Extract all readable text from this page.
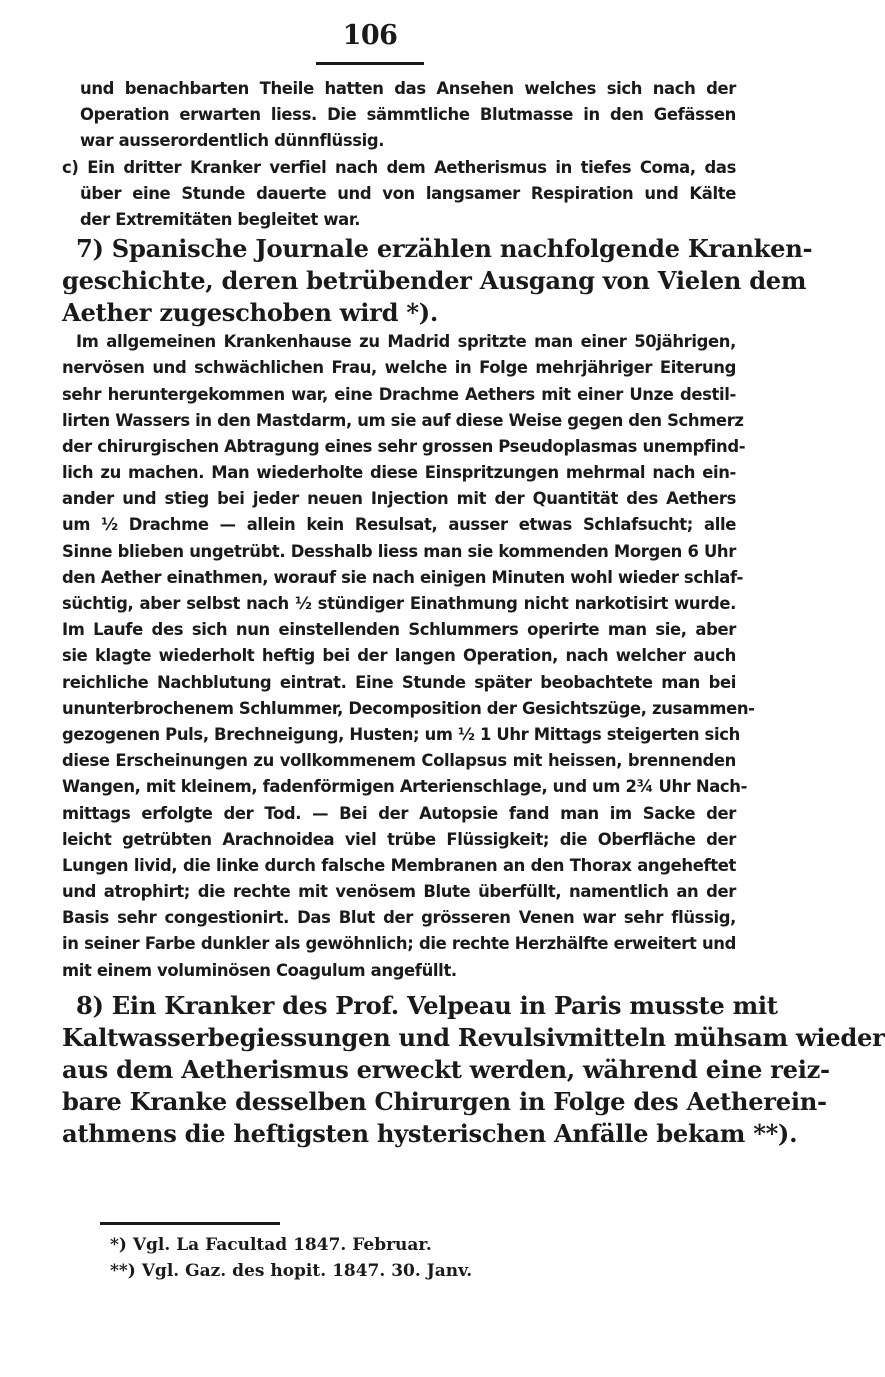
106
und benachbarten Theile hatten das Ansehen welches sich nach der
Operation erwarten liess. Die sämmtliche Blutmasse in den Gefässen
war ausserordentlich dünnflüssig.
c) Ein dritter Kranker verfiel nach dem Aetherismus in tiefes Coma, das
über eine Stunde dauerte und von langsamer Respiration und Kälte
der Extremitäten begleitet war.
7) Spanische Journale erzählen nachfolgende Kranken-
geschichte, deren betrübender Ausgang von Vielen dem
Aether zugeschoben wird *).
Im allgemeinen Krankenhause zu Madrid spritzte man einer 50jährigen,
nervösen und schwächlichen Frau, welche in Folge mehrjähriger Eiterung
sehr heruntergekommen war, eine Drachme Aethers mit einer Unze destil-
lirten Wassers in den Mastdarm, um sie auf diese Weise gegen den Schmerz
der chirurgischen Abtragung eines sehr grossen Pseudoplasmas unempfind-
lich zu machen. Man wiederholte diese Einspritzungen mehrmal nach ein-
ander und stieg bei jeder neuen Injection mit der Quantität des Aethers
um ½ Drachme — allein kein Resulsat, ausser etwas Schlafsucht; alle
Sinne blieben ungetrübt. Desshalb liess man sie kommenden Morgen 6 Uhr
den Aether einathmen, worauf sie nach einigen Minuten wohl wieder schlaf-
süchtig, aber selbst nach ½ stündiger Einathmung nicht narkotisirt wurde.
Im Laufe des sich nun einstellenden Schlummers operirte man sie, aber
sie klagte wiederholt heftig bei der langen Operation, nach welcher auch
reichliche Nachblutung eintrat. Eine Stunde später beobachtete man bei
ununterbrochenem Schlummer, Decomposition der Gesichtszüge, zusammen-
gezogenen Puls, Brechneigung, Husten; um ½ 1 Uhr Mittags steigerten sich
diese Erscheinungen zu vollkommenem Collapsus mit heissen, brennenden
Wangen, mit kleinem, fadenförmigen Arterienschlage, und um 2¾ Uhr Nach-
mittags erfolgte der Tod. — Bei der Autopsie fand man im Sacke der
leicht getrübten Arachnoidea viel trübe Flüssigkeit; die Oberfläche der
Lungen livid, die linke durch falsche Membranen an den Thorax angeheftet
und atrophirt; die rechte mit venösem Blute überfüllt, namentlich an der
Basis sehr congestionirt. Das Blut der grösseren Venen war sehr flüssig,
in seiner Farbe dunkler als gewöhnlich; die rechte Herzhälfte erweitert und
mit einem voluminösen Coagulum angefüllt.
8) Ein Kranker des Prof. Velpeau in Paris musste mit
Kaltwasserbegiessungen und Revulsivmitteln mühsam wieder
aus dem Aetherismus erweckt werden, während eine reiz-
bare Kranke desselben Chirurgen in Folge des Aetherein-
athmens die heftigsten hysterischen Anfälle bekam **).
*) Vgl. La Facultad 1847. Februar.
**) Vgl. Gaz. des hopit. 1847. 30. Janv.
